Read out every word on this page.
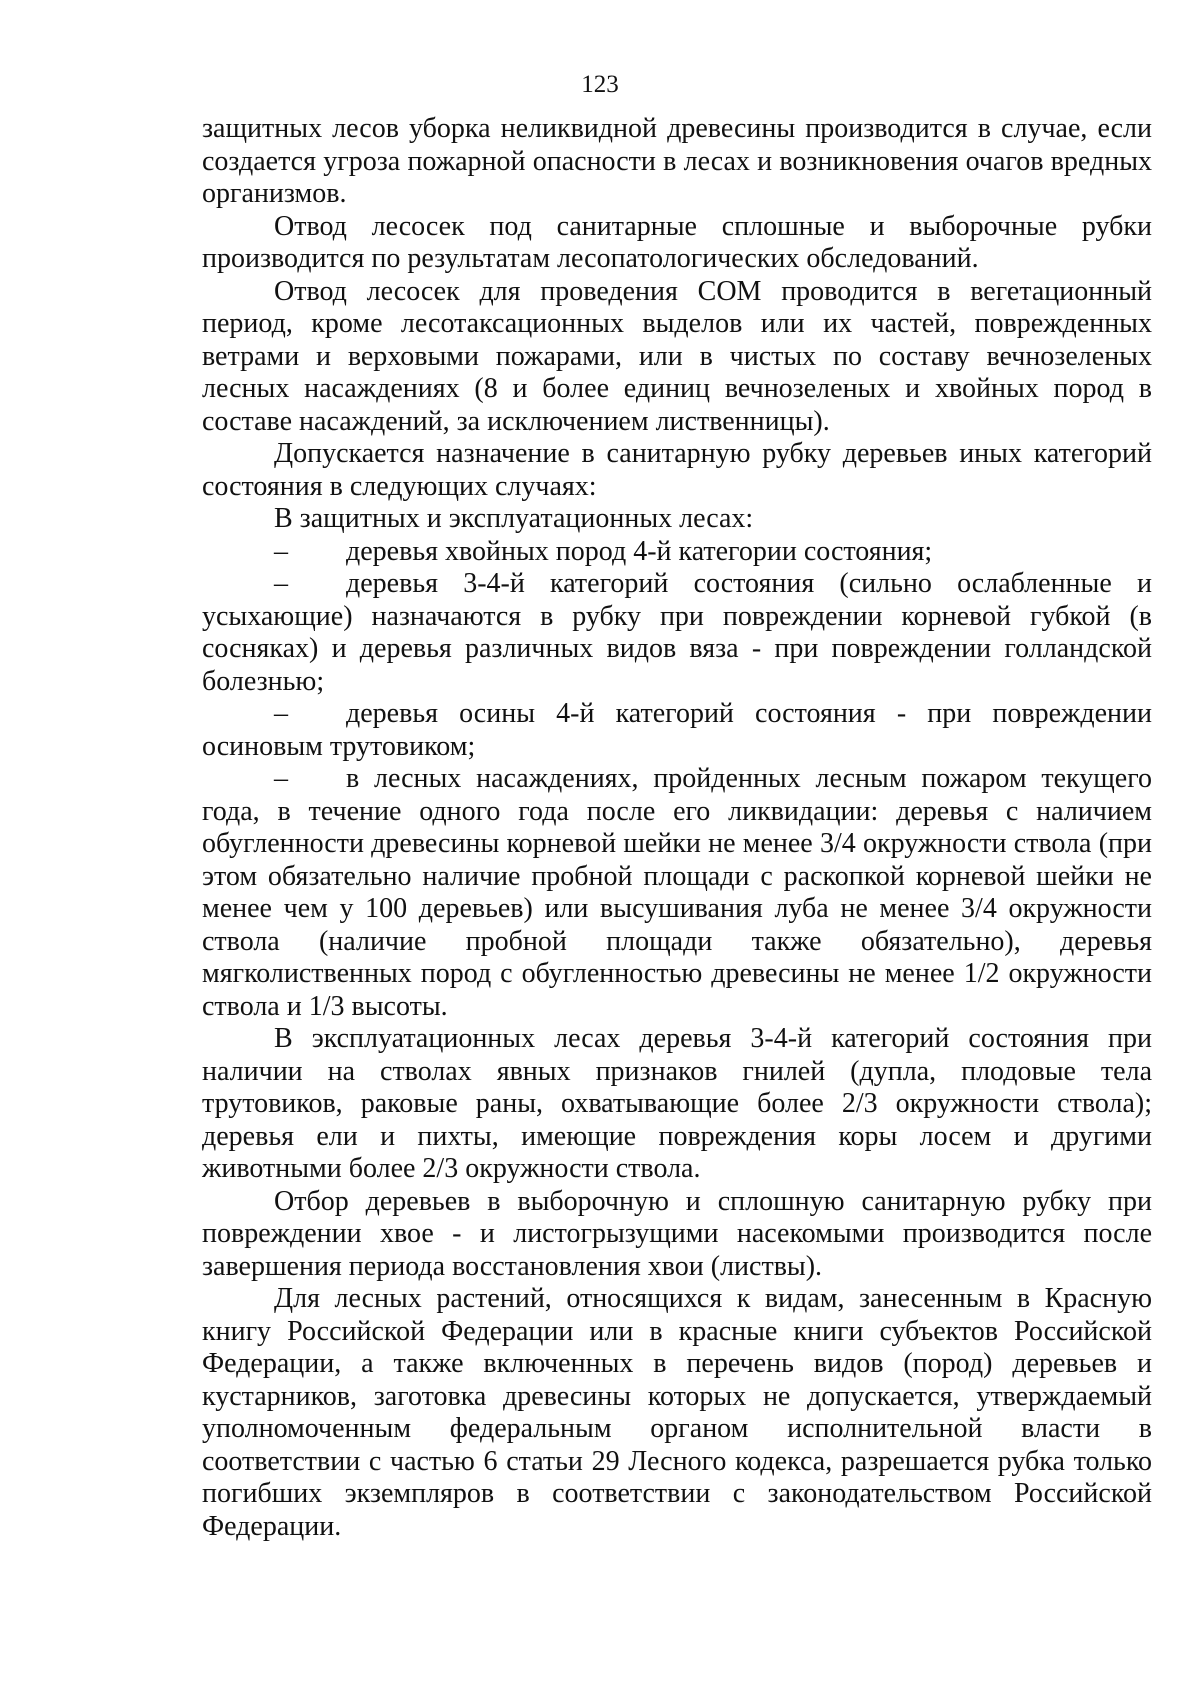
123

защитных лесов уборка неликвидной древесины производится в случае, если создается угроза пожарной опасности в лесах и возникновения очагов вредных организмов.

Отвод лесосек под санитарные сплошные и выборочные рубки производится по результатам лесопатологических обследований.

Отвод лесосек для проведения СОМ проводится в вегетационный период, кроме лесотаксационных выделов или их частей, поврежденных ветрами и верховыми пожарами, или в чистых по составу вечнозеленых лесных насаждениях (8 и более единиц вечнозеленых и хвойных пород в составе насаждений, за исключением лиственницы).

Допускается назначение в санитарную рубку деревьев иных категорий состояния в следующих случаях:

В защитных и эксплуатационных лесах:

– деревья хвойных пород 4-й категории состояния;

– деревья 3-4-й категорий состояния (сильно ослабленные и усыхающие) назначаются в рубку при повреждении корневой губкой (в сосняках) и деревья различных видов вяза - при повреждении голландской болезнью;

– деревья осины 4-й категорий состояния - при повреждении осиновым трутовиком;

– в лесных насаждениях, пройденных лесным пожаром текущего года, в течение одного года после его ликвидации: деревья с наличием обугленности древесины корневой шейки не менее 3/4 окружности ствола (при этом обязательно наличие пробной площади с раскопкой корневой шейки не менее чем у 100 деревьев) или высушивания луба не менее 3/4 окружности ствола (наличие пробной площади также обязательно), деревья мягколиственных пород с обугленностью древесины не менее 1/2 окружности ствола и 1/3 высоты.

В эксплуатационных лесах деревья 3-4-й категорий состояния при наличии на стволах явных признаков гнилей (дупла, плодовые тела трутовиков, раковые раны, охватывающие более 2/3 окружности ствола); деревья ели и пихты, имеющие повреждения коры лосем и другими животными более 2/3 окружности ствола.

Отбор деревьев в выборочную и сплошную санитарную рубку при повреждении хвое - и листогрызущими насекомыми производится после завершения периода восстановления хвои (листвы).

Для лесных растений, относящихся к видам, занесенным в Красную книгу Российской Федерации или в красные книги субъектов Российской Федерации, а также включенных в перечень видов (пород) деревьев и кустарников, заготовка древесины которых не допускается, утверждаемый уполномоченным федеральным органом исполнительной власти в соответствии с частью 6 статьи 29 Лесного кодекса, разрешается рубка только погибших экземпляров в соответствии с законодательством Российской Федерации.
